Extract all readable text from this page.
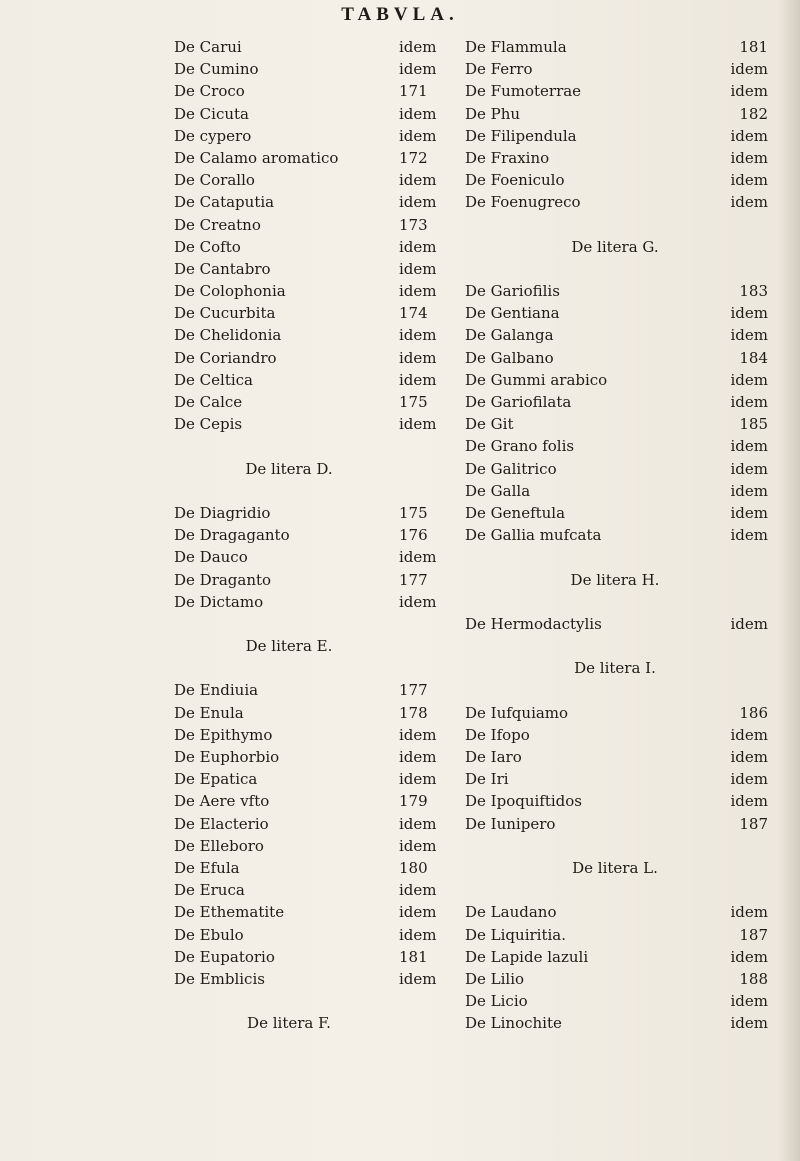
TABVLA.
De Carui	idem
De Cumino	idem
De Croco	171
De Cicuta	idem
De cypero	idem
De Calamo aromatico	172
De Corallo	idem
De Cataputia	idem
De Creatno	173
De Cofto	idem
De Cantabro	idem
De Colophonia	idem
De Cucurbita	174
De Chelidonia	idem
De Coriandro	idem
De Celtica	idem
De Calce	175
De Cepis	idem
De litera D.
De Diagridio	175
De Dragaganto	176
De Dauco	idem
De Draganto	177
De Dictamo	idem
De litera E.
De Endiuia	177
De Enula	178
De Epithymo	idem
De Euphorbio	idem
De Epatica	idem
De Aere vfto	179
De Elacterio	idem
De Elleboro	idem
De Efula	180
De Eruca	idem
De Ethematite	idem
De Ebulo	idem
De Eupatorio	181
De Emblicis	idem
De litera F.
De Flammula	181
De Ferro	idem
De Fumoterrae	idem
De Phu	182
De Filipendula	idem
De Fraxino	idem
De Foeniculo	idem
De Foenugreco	idem
De litera G.
De Gariofilis	183
De Gentiana	idem
De Galanga	idem
De Galbano	184
De Gummi arabico	idem
De Gariofilata	idem
De Git	185
De Grano folis	idem
De Galitrico	idem
De Galla	idem
De Geneftula	idem
De Gallia mufcata	idem
De litera H.
De Hermodactylis	idem
De litera I.
De Iufquiamo	186
De Ifopo	idem
De Iaro	idem
De Iri	idem
De Ipoquiftidos	idem
De Iunipero	187
De litera L.
De Laudano	idem
De Liquiritia.	187
De Lapide lazuli	idem
De Lilio	188
De Licio	idem
De Linochite	idem
